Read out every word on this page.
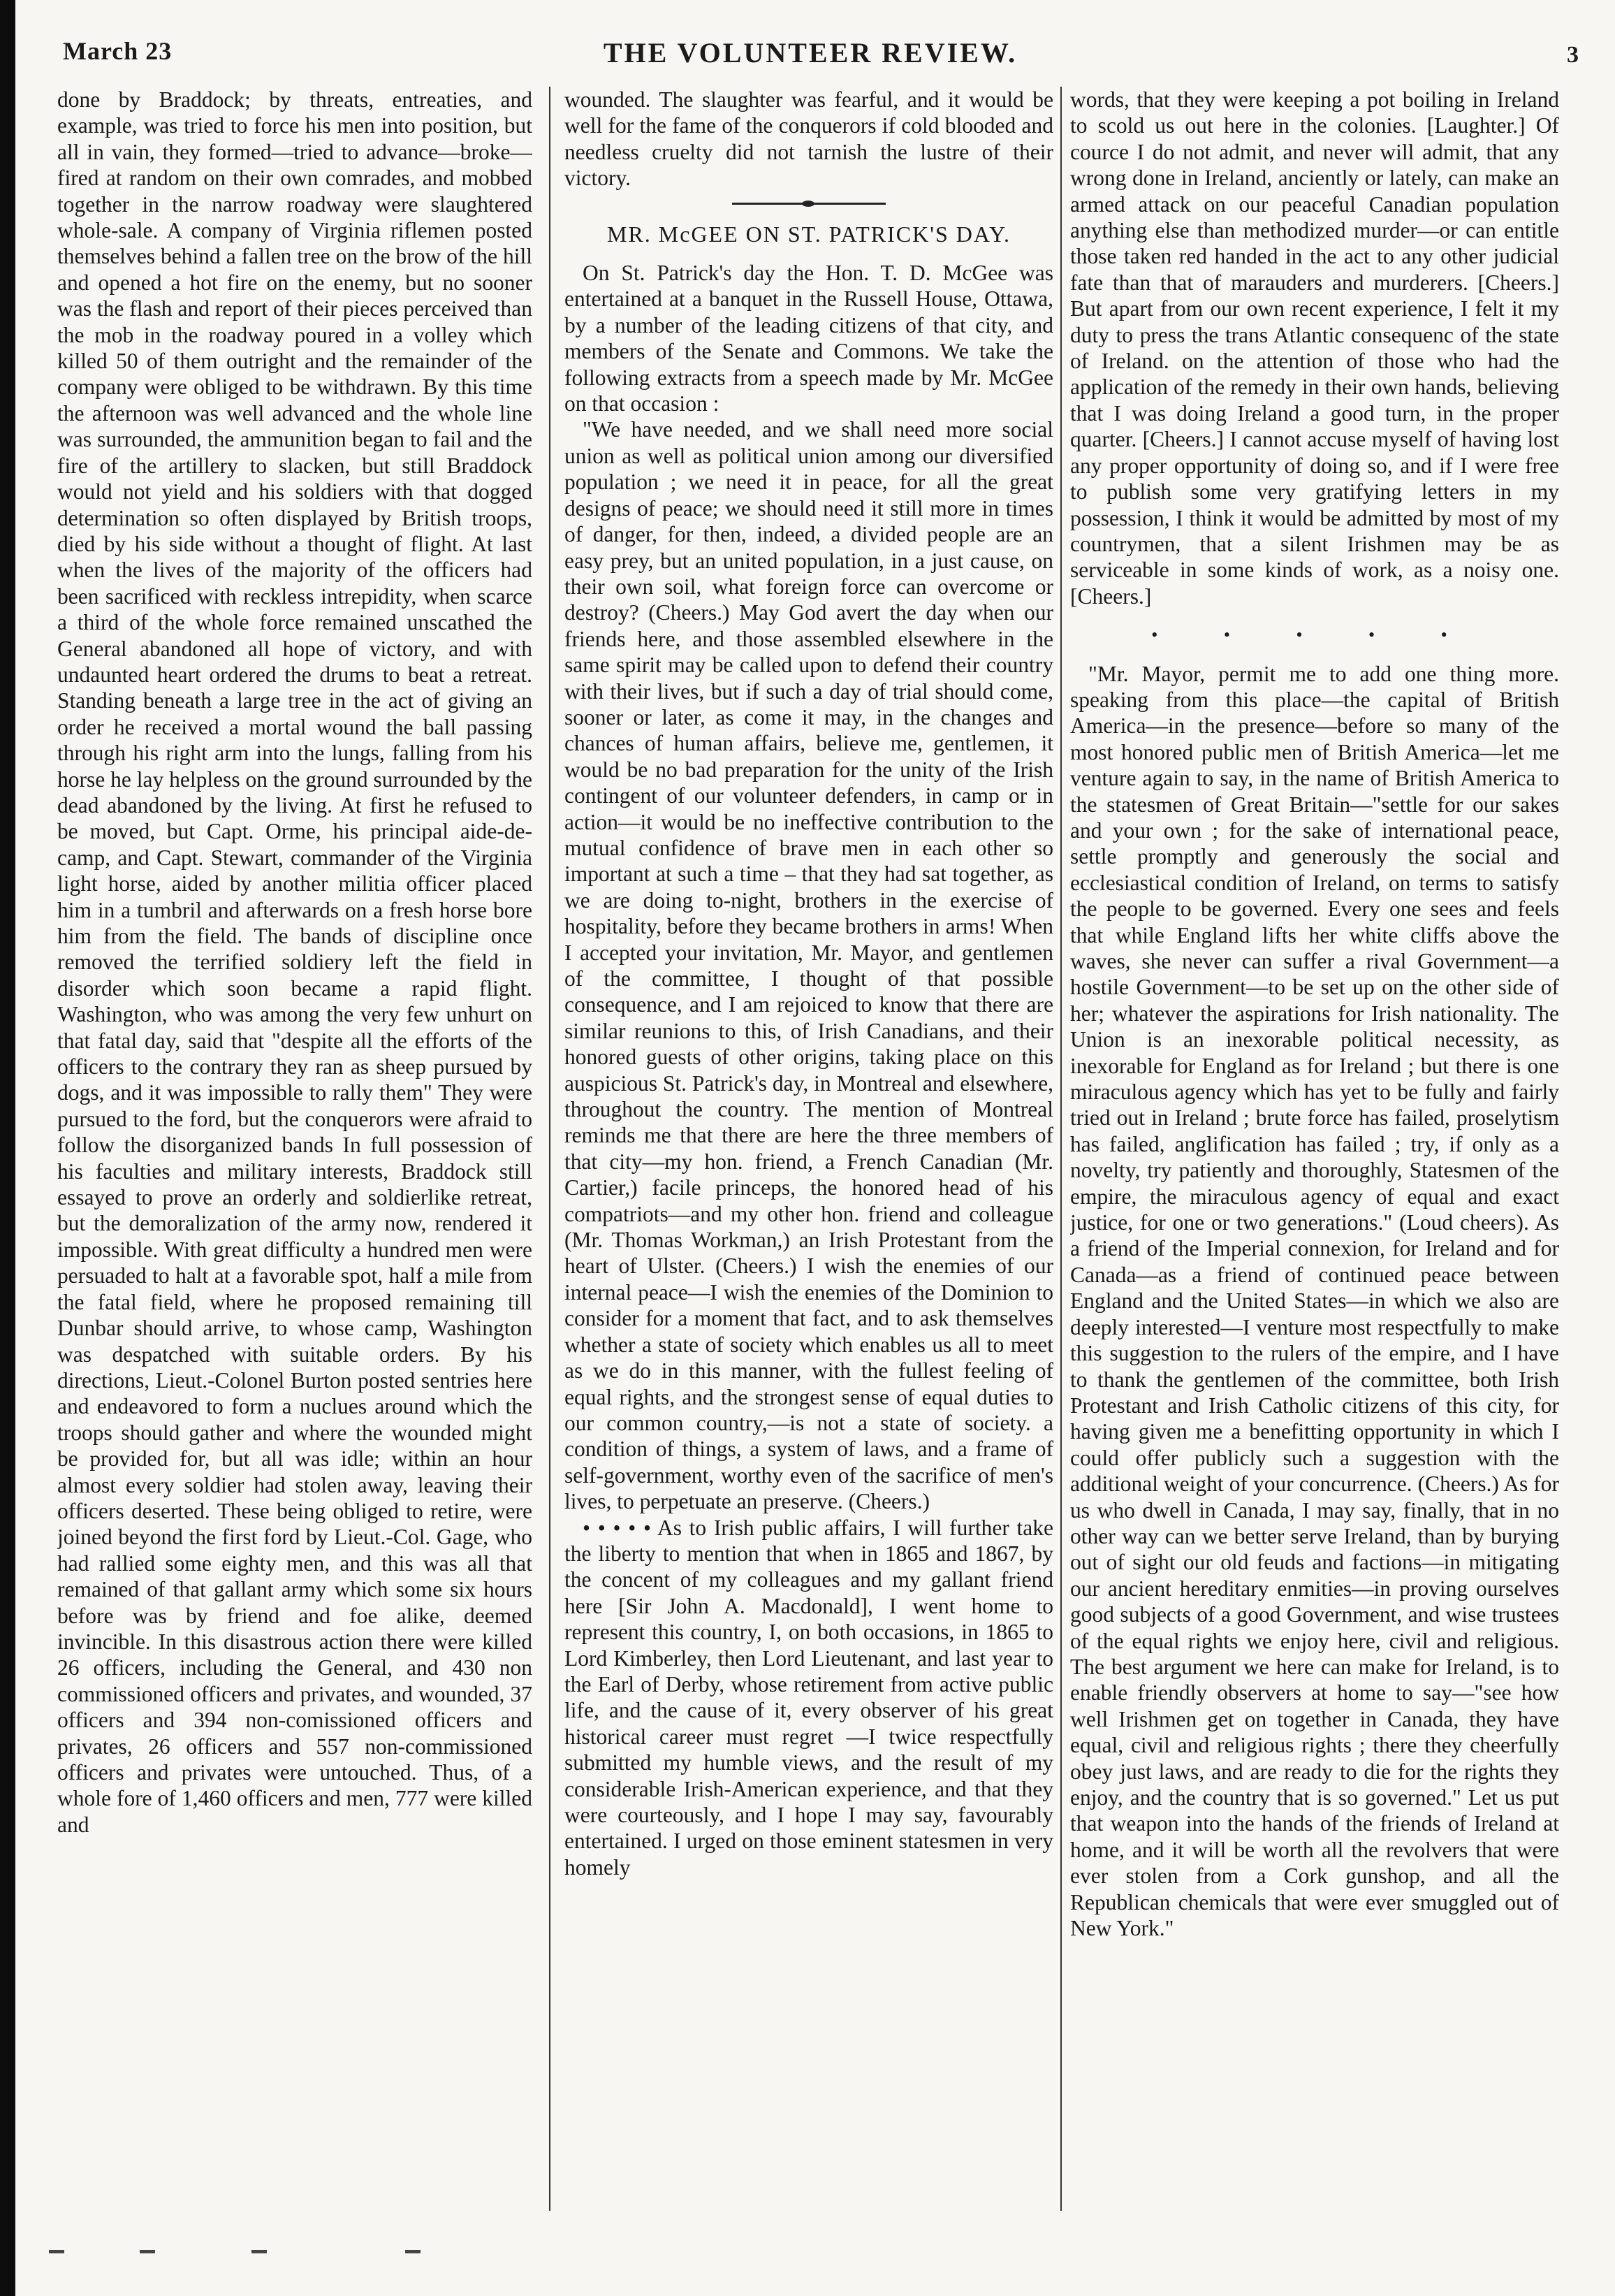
March 23	THE VOLUNTEER REVIEW.	3

done by Braddock; by threats, entreaties, and example, was tried to force his men into position, but all in vain, they formed—tried to advance—broke—fired at random on their own comrades, and mobbed together in the narrow roadway were slaughtered whole-sale. A company of Virginia riflemen posted themselves behind a fallen tree on the brow of the hill and opened a hot fire on the enemy, but no sooner was the flash and report of their pieces perceived than the mob in the roadway poured in a volley which killed 50 of them outright and the remainder of the company were obliged to be withdrawn. By this time the afternoon was well advanced and the whole line was surrounded, the ammunition began to fail and the fire of the artillery to slacken, but still Braddock would not yield and his soldiers with that dogged determination so often displayed by British troops, died by his side without a thought of flight. At last when the lives of the majority of the officers had been sacrificed with reckless intrepidity, when scarce a third of the whole force remained unscathed the General abandoned all hope of victory, and with undaunted heart ordered the drums to beat a retreat. Standing beneath a large tree in the act of giving an order he received a mortal wound the ball passing through his right arm into the lungs, falling from his horse he lay helpless on the ground surrounded by the dead abandoned by the living. At first he refused to be moved, but Capt. Orme, his principal aide-de-camp, and Capt. Stewart, commander of the Virginia light horse, aided by another militia officer placed him in a tumbril and afterwards on a fresh horse bore him from the field. The bands of discipline once removed the terrified soldiery left the field in disorder which soon became a rapid flight. Washington, who was among the very few unhurt on that fatal day, said that "despite all the efforts of the officers to the contrary they ran as sheep pursued by dogs, and it was impossible to rally them" They were pursued to the ford, but the conquerors were afraid to follow the disorganized bands In full possession of his faculties and military interests, Braddock still essayed to prove an orderly and soldierlike retreat, but the demoralization of the army now, rendered it impossible. With great difficulty a hundred men were persuaded to halt at a favorable spot, half a mile from the fatal field, where he proposed remaining till Dunbar should arrive, to whose camp, Washington was despatched with suitable orders. By his directions, Lieut.-Colonel Burton posted sentries here and endeavored to form a nuclues around which the troops should gather and where the wounded might be provided for, but all was idle; within an hour almost every soldier had stolen away, leaving their officers deserted. These being obliged to retire, were joined beyond the first ford by Lieut.-Col. Gage, who had rallied some eighty men, and this was all that remained of that gallant army which some six hours before was by friend and foe alike, deemed invincible. In this disastrous action there were killed 26 officers, including the General, and 430 non commissioned officers and privates, and wounded, 37 officers and 394 non-comissioned officers and privates, 26 officers and 557 non-commissioned officers and privates were untouched. Thus, of a whole fore of 1,460 officers and men, 777 were killed and

wounded. The slaughter was fearful, and it would be well for the fame of the conquerors if cold blooded and needless cruelty did not tarnish the lustre of their victory.

MR. McGEE ON ST. PATRICK'S DAY.

On St. Patrick's day the Hon. T. D. McGee was entertained at a banquet in the Russell House, Ottawa, by a number of the leading citizens of that city, and members of the Senate and Commons. We take the following extracts from a speech made by Mr. McGee on that occasion :

"We have needed, and we shall need more social union as well as political union among our diversified population ; we need it in peace, for all the great designs of peace; we should need it still more in times of danger, for then, indeed, a divided people are an easy prey, but an united population, in a just cause, on their own soil, what foreign force can overcome or destroy? (Cheers.) May God avert the day when our friends here, and those assembled elsewhere in the same spirit may be called upon to defend their country with their lives, but if such a day of trial should come, sooner or later, as come it may, in the changes and chances of human affairs, believe me, gentlemen, it would be no bad preparation for the unity of the Irish contingent of our volunteer defenders, in camp or in action—it would be no ineffective contribution to the mutual confidence of brave men in each other so important at such a time – that they had sat together, as we are doing to-night, brothers in the exercise of hospitality, before they became brothers in arms! When I accepted your invitation, Mr. Mayor, and gentlemen of the committee, I thought of that possible consequence, and I am rejoiced to know that there are similar reunions to this, of Irish Canadians, and their honored guests of other origins, taking place on this auspicious St. Patrick's day, in Montreal and elsewhere, throughout the country. The mention of Montreal reminds me that there are here the three members of that city—my hon. friend, a French Canadian (Mr. Cartier,) facile princeps, the honored head of his compatriots—and my other hon. friend and colleague (Mr. Thomas Workman,) an Irish Protestant from the heart of Ulster. (Cheers.) I wish the enemies of our internal peace—I wish the enemies of the Dominion to consider for a moment that fact, and to ask themselves whether a state of society which enables us all to meet as we do in this manner, with the fullest feeling of equal rights, and the strongest sense of equal duties to our common country,—is not a state of society. a condition of things, a system of laws, and a frame of self-government, worthy even of the sacrifice of men's lives, to perpetuate an preserve. (Cheers.)

• • • • • As to Irish public affairs, I will further take the liberty to mention that when in 1865 and 1867, by the concent of my colleagues and my gallant friend here [Sir John A. Macdonald], I went home to represent this country, I, on both occasions, in 1865 to Lord Kimberley, then Lord Lieutenant, and last year to the Earl of Derby, whose retirement from active public life, and the cause of it, every observer of his great historical career must regret —I twice respectfully submitted my humble views, and the result of my considerable Irish-American experience, and that they were courteously, and I hope I may say, favourably entertained. I urged on those eminent statesmen in very homely

words, that they were keeping a pot boiling in Ireland to scold us out here in the colonies. [Laughter.] Of cource I do not admit, and never will admit, that any wrong done in Ireland, anciently or lately, can make an armed attack on our peaceful Canadian population anything else than methodized murder—or can entitle those taken red handed in the act to any other judicial fate than that of marauders and murderers. [Cheers.] But apart from our own recent experience, I felt it my duty to press the trans Atlantic consequenc of the state of Ireland. on the attention of those who had the application of the remedy in their own hands, believing that I was doing Ireland a good turn, in the proper quarter. [Cheers.] I cannot accuse myself of having lost any proper opportunity of doing so, and if I were free to publish some very gratifying letters in my possession, I think it would be admitted by most of my countrymen, that a silent Irishmen may be as serviceable in some kinds of work, as a noisy one. [Cheers.]

• • • • •

"Mr. Mayor, permit me to add one thing more. speaking from this place—the capital of British America—in the presence—before so many of the most honored public men of British America—let me venture again to say, in the name of British America to the statesmen of Great Britain—"settle for our sakes and your own ; for the sake of international peace, settle promptly and generously the social and ecclesiastical condition of Ireland, on terms to satisfy the people to be governed. Every one sees and feels that while England lifts her white cliffs above the waves, she never can suffer a rival Government—a hostile Government—to be set up on the other side of her; whatever the aspirations for Irish nationality. The Union is an inexorable political necessity, as inexorable for England as for Ireland ; but there is one miraculous agency which has yet to be fully and fairly tried out in Ireland ; brute force has failed, proselytism has failed, anglification has failed ; try, if only as a novelty, try patiently and thoroughly, Statesmen of the empire, the miraculous agency of equal and exact justice, for one or two generations." (Loud cheers). As a friend of the Imperial connexion, for Ireland and for Canada—as a friend of continued peace between England and the United States—in which we also are deeply interested—I venture most respectfully to make this suggestion to the rulers of the empire, and I have to thank the gentlemen of the committee, both Irish Protestant and Irish Catholic citizens of this city, for having given me a benefitting opportunity in which I could offer publicly such a suggestion with the additional weight of your concurrence. (Cheers.) As for us who dwell in Canada, I may say, finally, that in no other way can we better serve Ireland, than by burying out of sight our old feuds and factions—in mitigating our ancient hereditary enmities—in proving ourselves good subjects of a good Government, and wise trustees of the equal rights we enjoy here, civil and religious. The best argument we here can make for Ireland, is to enable friendly observers at home to say—"see how well Irishmen get on together in Canada, they have equal, civil and religious rights ; there they cheerfully obey just laws, and are ready to die for the rights they enjoy, and the country that is so governed." Let us put that weapon into the hands of the friends of Ireland at home, and it will be worth all the revolvers that were ever stolen from a Cork gunshop, and all the Republican chemicals that were ever smuggled out of New York."
